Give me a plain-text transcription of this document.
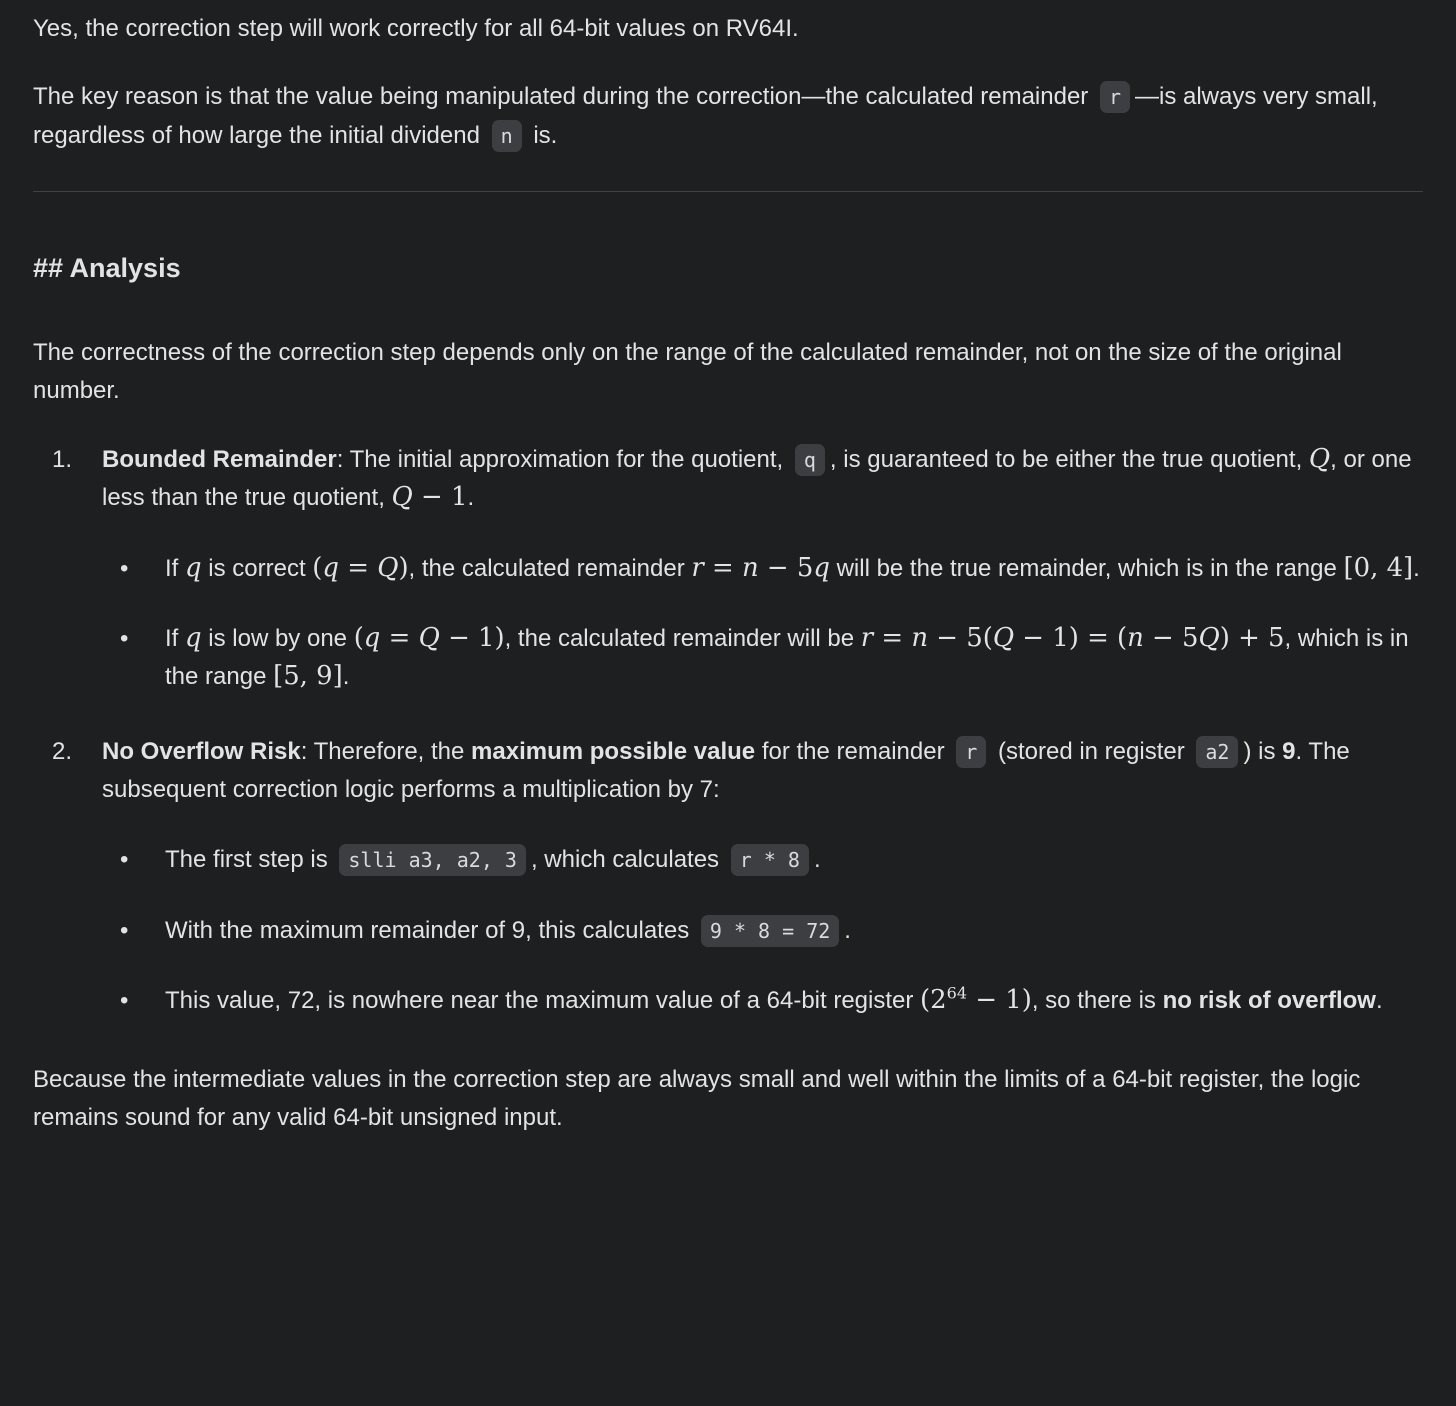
Yes, the correction step will work correctly for all 64-bit values on RV64I.

The key reason is that the value being manipulated during the correction—the calculated remainder r —is always very small, regardless of how large the initial dividend n is.

## Analysis

The correctness of the correction step depends only on the range of the calculated remainder, not on the size of the original number.

1.	Bounded Remainder: The initial approximation for the quotient, q , is guaranteed to be either the true quotient, Q, or one less than the true quotient, Q − 1.
•	If q is correct (q = Q), the calculated remainder r = n − 5q will be the true remainder, which is in the range [0, 4].
•	If q is low by one (q = Q − 1), the calculated remainder will be r = n − 5(Q − 1) = (n − 5Q) + 5, which is in the range [5, 9].
2.	No Overflow Risk: Therefore, the maximum possible value for the remainder r (stored in register a2 ) is 9. The subsequent correction logic performs a multiplication by 7:
•	The first step is slli a3, a2, 3 , which calculates r * 8 .
•	With the maximum remainder of 9, this calculates 9 * 8 = 72 .
•	This value, 72, is nowhere near the maximum value of a 64-bit register $(2^{64} - 1)$, so there is no risk of overflow.

Because the intermediate values in the correction step are always small and well within the limits of a 64-bit register, the logic remains sound for any valid 64-bit unsigned input.
